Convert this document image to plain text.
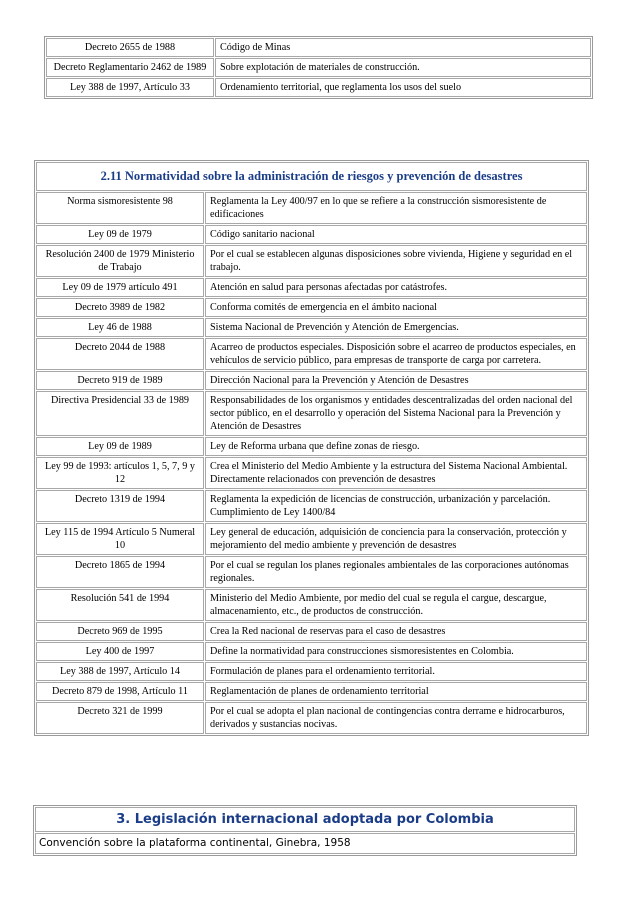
Decreto 2655 de 1988	Código de Minas
Decreto Reglamentario 2462 de 1989	Sobre explotación de materiales de construcción.
Ley 388 de 1997, Artículo 33	Ordenamiento territorial, que reglamenta los usos del suelo
2.11 Normatividad sobre la administración de riesgos y prevención de desastres	
Norma sismoresistente 98	Reglamenta la Ley 400/97 en lo que se refiere a la construcción sismoresistente de edificaciones
Ley 09 de 1979	Código sanitario nacional
Resolución 2400 de 1979 Ministerio de Trabajo	Por el cual se establecen algunas disposiciones sobre vivienda, Higiene y seguridad en el trabajo.
Ley 09 de 1979 artículo 491	Atención en salud para personas afectadas por catástrofes.
Decreto 3989 de 1982	Conforma comités de emergencia en el ámbito nacional
Ley 46 de 1988	Sistema Nacional de Prevención y Atención de Emergencias.
Decreto 2044 de 1988	Acarreo de productos especiales. Disposición sobre el acarreo de productos especiales, en vehículos de servicio público, para empresas de transporte de carga por carretera.
Decreto 919 de 1989	Dirección Nacional para la Prevención y Atención de Desastres
Directiva Presidencial 33 de 1989	Responsabilidades de los organismos y entidades descentralizadas del orden nacional del sector público, en el desarrollo y operación del Sistema Nacional para la Prevención y Atención de Desastres
Ley 09 de 1989	Ley de Reforma urbana que define zonas de riesgo.
Ley 99 de 1993: artículos 1, 5, 7, 9 y 12	Crea el Ministerio del Medio Ambiente y la estructura del Sistema Nacional Ambiental. Directamente relacionados con prevención de desastres
Decreto 1319 de 1994	Reglamenta la expedición de licencias de construcción, urbanización y parcelación. Cumplimiento de Ley 1400/84
Ley 115 de 1994 Artículo 5 Numeral 10	Ley general de educación, adquisición de conciencia para la conservación, protección y mejoramiento del medio ambiente y prevención de desastres
Decreto 1865 de 1994	Por el cual se regulan los planes regionales ambientales de las corporaciones autónomas regionales.
Resolución 541 de 1994	Ministerio del Medio Ambiente, por medio del cual se regula el cargue, descargue, almacenamiento, etc., de productos de construcción.
Decreto 969 de 1995	Crea la Red nacional de reservas para el caso de desastres
Ley 400 de 1997	Define la normatividad para construcciones sismoresistentes en Colombia.
Ley 388 de 1997, Artículo 14	Formulación de planes para el ordenamiento territorial.
Decreto 879 de 1998, Artículo 11	Reglamentación de planes de ordenamiento territorial
Decreto 321 de 1999	Por el cual se adopta el plan nacional de contingencias contra derrame e hidrocarburos, derivados y sustancias nocivas.
3. Legislación internacional adoptada por Colombia
Convención sobre la plataforma continental, Ginebra, 1958
